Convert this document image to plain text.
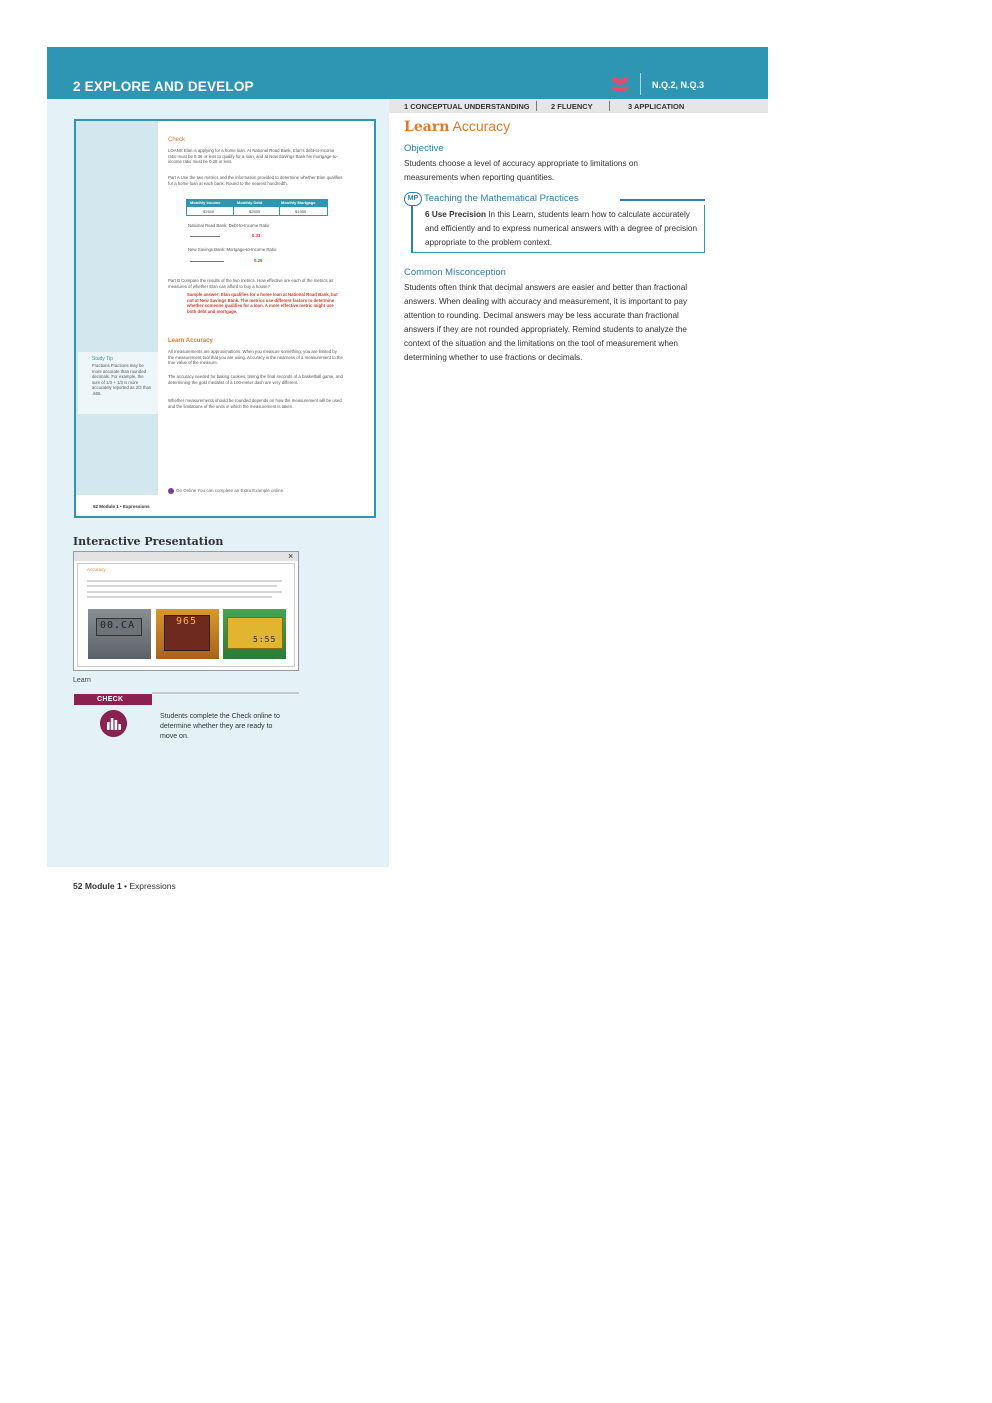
2 EXPLORE AND DEVELOP	N.Q.2, N.Q.3
1 CONCEPTUAL UNDERSTANDING	2 FLUENCY	3 APPLICATION
Check
LOANS Elan is applying for a home loan. At National Road Bank, Elan's debt-to-income ratio must be 0.36 or less to qualify for a loan, and at New Savings Bank his mortgage-to-income ratio must be 0.28 or less.
Part A Use the two metrics and the information provided to determine whether Elan qualifies for a home loan at each bank. Round to the nearest hundredth.
Monthly Income	Monthly Debt	Monthly Mortgage
$7650	$2555	$1950
National Road Bank: Debt-to-Income Ratio
0.33
New Savings Bank: Mortgage-to-Income Ratio
0.25
Part B Compare the results of the two metrics. How effective are each of the metrics as measures of whether Elan can afford to buy a house?
Sample answer: Elan qualifies for a home loan at National Road Bank, but not at New Savings Bank. The metrics use different factors to determine whether someone qualifies for a loan. A more effective metric might use both debt and mortgage.
Learn Accuracy
All measurements are approximations. When you measure something, you are limited by the measurement tool that you are using. Accuracy is the nearness of a measurement to the true value of the measure.
The accuracy needed for baking cookies, timing the final seconds of a basketball game, and determining the gold medalist of a 100-meter dash are very different.
Whether measurements should be rounded depends on how the measurement will be used and the limitations of the units in which the measurement is taken.
Study Tip
Fractions Fractions may be more accurate than rounded decimals. For example, the sum of 1/3 + 1/3 is more accurately reported as 2/3 than .665.
Go Online You can complete an Extra Example online.
52 Module 1 • Expressions
Interactive Presentation
×
Accuracy
00.CA	965
5:55
Learn
CHECK
Students complete the Check online to determine whether they are ready to move on.
52 Module 1 • Expressions
Learn Accuracy
Objective
Students choose a level of accuracy appropriate to limitations on measurements when reporting quantities.
MP Teaching the Mathematical Practices
6 Use Precision In this Learn, students learn how to calculate accurately and efficiently and to express numerical answers with a degree of precision appropriate to the problem context.
Common Misconception
Students often think that decimal answers are easier and better than fractional answers. When dealing with accuracy and measurement, it is important to pay attention to rounding. Decimal answers may be less accurate than fractional answers if they are not rounded appropriately. Remind students to analyze the context of the situation and the limitations on the tool of measurement when determining whether to use fractions or decimals.
